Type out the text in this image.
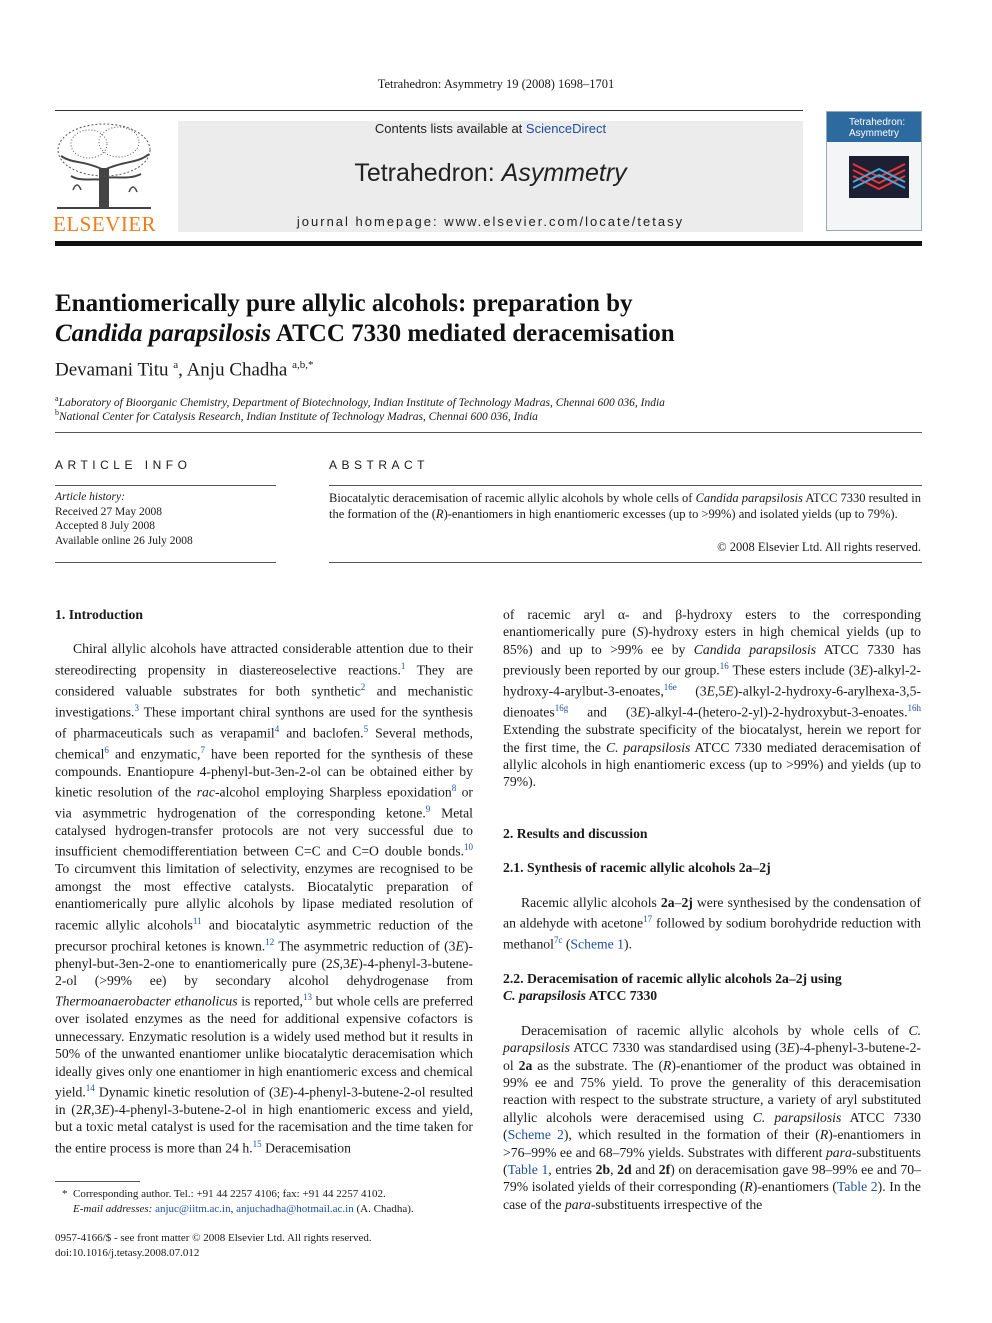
Tetrahedron: Asymmetry 19 (2008) 1698–1701
ELSEVIER
Contents lists available at ScienceDirect
Tetrahedron: Asymmetry
journal homepage: www.elsevier.com/locate/tetasy
Tetrahedron: Asymmetry
Enantiomerically pure allylic alcohols: preparation by
Candida parapsilosis ATCC 7330 mediated deracemisation
Devamani Titu $^a$, Anju Chadha $^{a,b,*}$
$^a$Laboratory of Bioorganic Chemistry, Department of Biotechnology, Indian Institute of Technology Madras, Chennai 600 036, India
$^b$National Center for Catalysis Research, Indian Institute of Technology Madras, Chennai 600 036, India
ARTICLE INFO
Article history:
Received 27 May 2008
Accepted 8 July 2008
Available online 26 July 2008
ABSTRACT

Biocatalytic deracemisation of racemic allylic alcohols by whole cells of Candida parapsilosis ATCC 7330 resulted in the formation of the (R)-enantiomers in high enantiomeric excesses (up to >99%) and isolated yields (up to 79%).

© 2008 Elsevier Ltd. All rights reserved.
1. Introduction

Chiral allylic alcohols have attracted considerable attention due to their stereodirecting propensity in diastereoselective reactions.$^1$ They are considered valuable substrates for both synthetic$^2$ and mechanistic investigations.$^3$ These important chiral synthons are used for the synthesis of pharmaceuticals such as verapamil$^4$ and baclofen.$^5$ Several methods, chemical$^6$ and enzymatic,$^7$ have been reported for the synthesis of these compounds. Enantiopure 4-phenyl-but-3en-2-ol can be obtained either by kinetic resolution of the rac-alcohol employing Sharpless epoxidation$^8$ or via asymmetric hydrogenation of the corresponding ketone.$^9$ Metal catalysed hydrogen-transfer protocols are not very successful due to insufficient chemodifferentiation between C=C and C=O double bonds.$^{10}$ To circumvent this limitation of selectivity, enzymes are recognised to be amongst the most effective catalysts. Biocatalytic preparation of enantiomerically pure allylic alcohols by lipase mediated resolution of racemic allylic alcohols$^{11}$ and biocatalytic asymmetric reduction of the precursor prochiral ketones is known.$^{12}$ The asymmetric reduction of (3E)-phenyl-but-3en-2-one to enantiomerically pure (2S,3E)-4-phenyl-3-butene-2-ol (>99% ee) by secondary alcohol dehydrogenase from Thermoanaerobacter ethanolicus is reported,$^{13}$ but whole cells are preferred over isolated enzymes as the need for additional expensive cofactors is unnecessary. Enzymatic resolution is a widely used method but it results in 50% of the unwanted enantiomer unlike biocatalytic deracemisation which ideally gives only one enantiomer in high enantiomeric excess and chemical yield.$^{14}$ Dynamic kinetic resolution of (3E)-4-phenyl-3-butene-2-ol resulted in (2R,3E)-4-phenyl-3-butene-2-ol in high enantiomeric excess and yield, but a toxic metal catalyst is used for the racemisation and the time taken for the entire process is more than 24 h.$^{15}$ Deracemisation

*  Corresponding author. Tel.: +91 44 2257 4106; fax: +91 44 2257 4102.
E-mail addresses: anjuc@iitm.ac.in, anjuchadha@hotmail.ac.in (A. Chadha).
0957-4166/$ - see front matter © 2008 Elsevier Ltd. All rights reserved.
doi:10.1016/j.tetasy.2008.07.012

of racemic aryl α- and β-hydroxy esters to the corresponding enantiomerically pure (S)-hydroxy esters in high chemical yields (up to 85%) and up to >99% ee by Candida parapsilosis ATCC 7330 has previously been reported by our group.$^{16}$ These esters include (3E)-alkyl-2-hydroxy-4-arylbut-3-enoates,$^{16e}$ (3E,5E)-alkyl-2-hydroxy-6-arylhexa-3,5-dienoates$^{16g}$ and (3E)-alkyl-4-(hetero-2-yl)-2-hydroxybut-3-enoates.$^{16h}$ Extending the substrate specificity of the biocatalyst, herein we report for the first time, the C. parapsilosis ATCC 7330 mediated deracemisation of allylic alcohols in high enantiomeric excess (up to >99%) and yields (up to 79%).

2. Results and discussion
2.1. Synthesis of racemic allylic alcohols 2a–2j

Racemic allylic alcohols 2a–2j were synthesised by the condensation of an aldehyde with acetone$^{17}$ followed by sodium borohydride reduction with methanol$^{7c}$ (Scheme 1).

2.2. Deracemisation of racemic allylic alcohols 2a–2j using
C. parapsilosis ATCC 7330

Deracemisation of racemic allylic alcohols by whole cells of C. parapsilosis ATCC 7330 was standardised using (3E)-4-phenyl-3-butene-2-ol 2a as the substrate. The (R)-enantiomer of the product was obtained in 99% ee and 75% yield. To prove the generality of this deracemisation reaction with respect to the substrate structure, a variety of aryl substituted allylic alcohols were deracemised using C. parapsilosis ATCC 7330 (Scheme 2), which resulted in the formation of their (R)-enantiomers in >76–99% ee and 68–79% yields. Substrates with different para-substituents (Table 1, entries 2b, 2d and 2f) on deracemisation gave 98–99% ee and 70–79% isolated yields of their corresponding (R)-enantiomers (Table 2). In the case of the para-substituents irrespective of the
